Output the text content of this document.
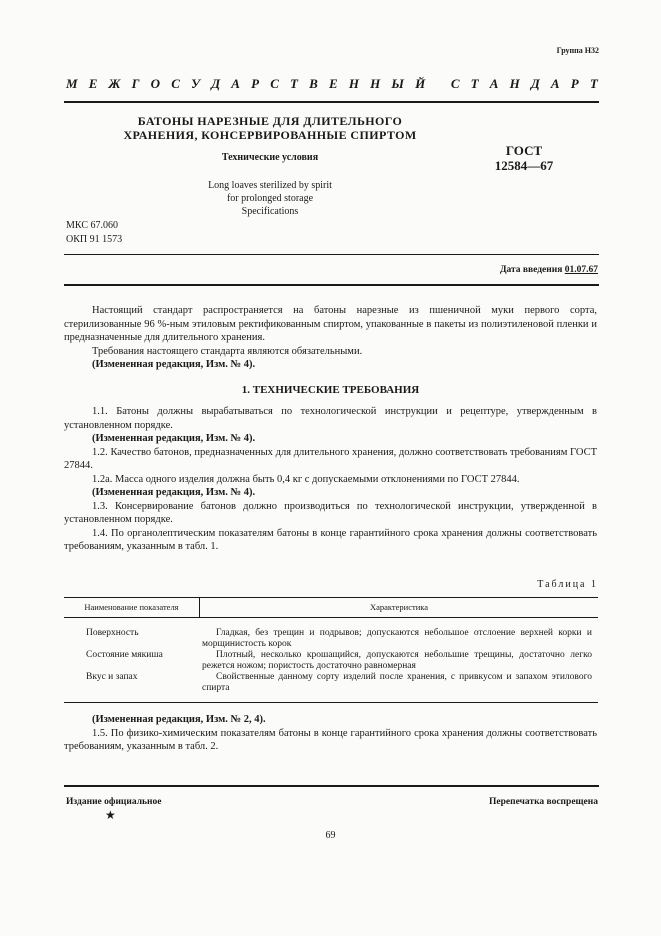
Группа Н32
М Е Ж Г О С У Д А Р С Т В Е Н Н Ы Й
С Т А Н Д А Р Т
БАТОНЫ НАРЕЗНЫЕ ДЛЯ ДЛИТЕЛЬНОГО
ХРАНЕНИЯ, КОНСЕРВИРОВАННЫЕ СПИРТОМ
Технические условия
Long loaves sterilized by spirit
for prolonged storage
Specifications
ГОСТ
12584—67
МКС 67.060
ОКП 91 1573
Дата введения 01.07.67

Настоящий стандарт распространяется на батоны нарезные из пшеничной муки первого сорта, стерилизованные 96 %-ным этиловым ректификованным спиртом, упакованные в пакеты из полиэтиленовой пленки и предназначенные для длительного хранения.

Требования настоящего стандарта являются обязательными.

(Измененная редакция, Изм. № 4).

1. ТЕХНИЧЕСКИЕ ТРЕБОВАНИЯ

1.1. Батоны должны вырабатываться по технологической инструкции и рецептуре, утвержденным в установленном порядке.

(Измененная редакция, Изм. № 4).

1.2. Качество батонов, предназначенных для длительного хранения, должно соответствовать требованиям ГОСТ 27844.

1.2а. Масса одного изделия должна быть 0,4 кг с допускаемыми отклонениями по ГОСТ 27844.

(Измененная редакция, Изм. № 4).

1.3. Консервирование батонов должно производиться по технологической инструкции, утвержденной в установленном порядке.

1.4. По органолептическим показателям батоны в конце гарантийного срока хранения должны соответствовать требованиям, указанным в табл. 1.

Таблица 1
Наименование показателя	Характеристика
Поверхность	Гладкая, без трещин и подрывов; допускаются небольшое отслоение верхней корки и морщинистость корок
Состояние мякиша	Плотный, несколько крошащийся, допускаются небольшие трещины, достаточно легко режется ножом; пористость достаточно равномерная
Вкус и запах	Свойственные данному сорту изделий после хранения, с привкусом и запахом этилового спирта

(Измененная редакция, Изм. № 2, 4).

1.5. По физико-химическим показателям батоны в конце гарантийного срока хранения должны соответствовать требованиям, указанным в табл. 2.

Издание официальное	Перепечатка воспрещена
★
69
